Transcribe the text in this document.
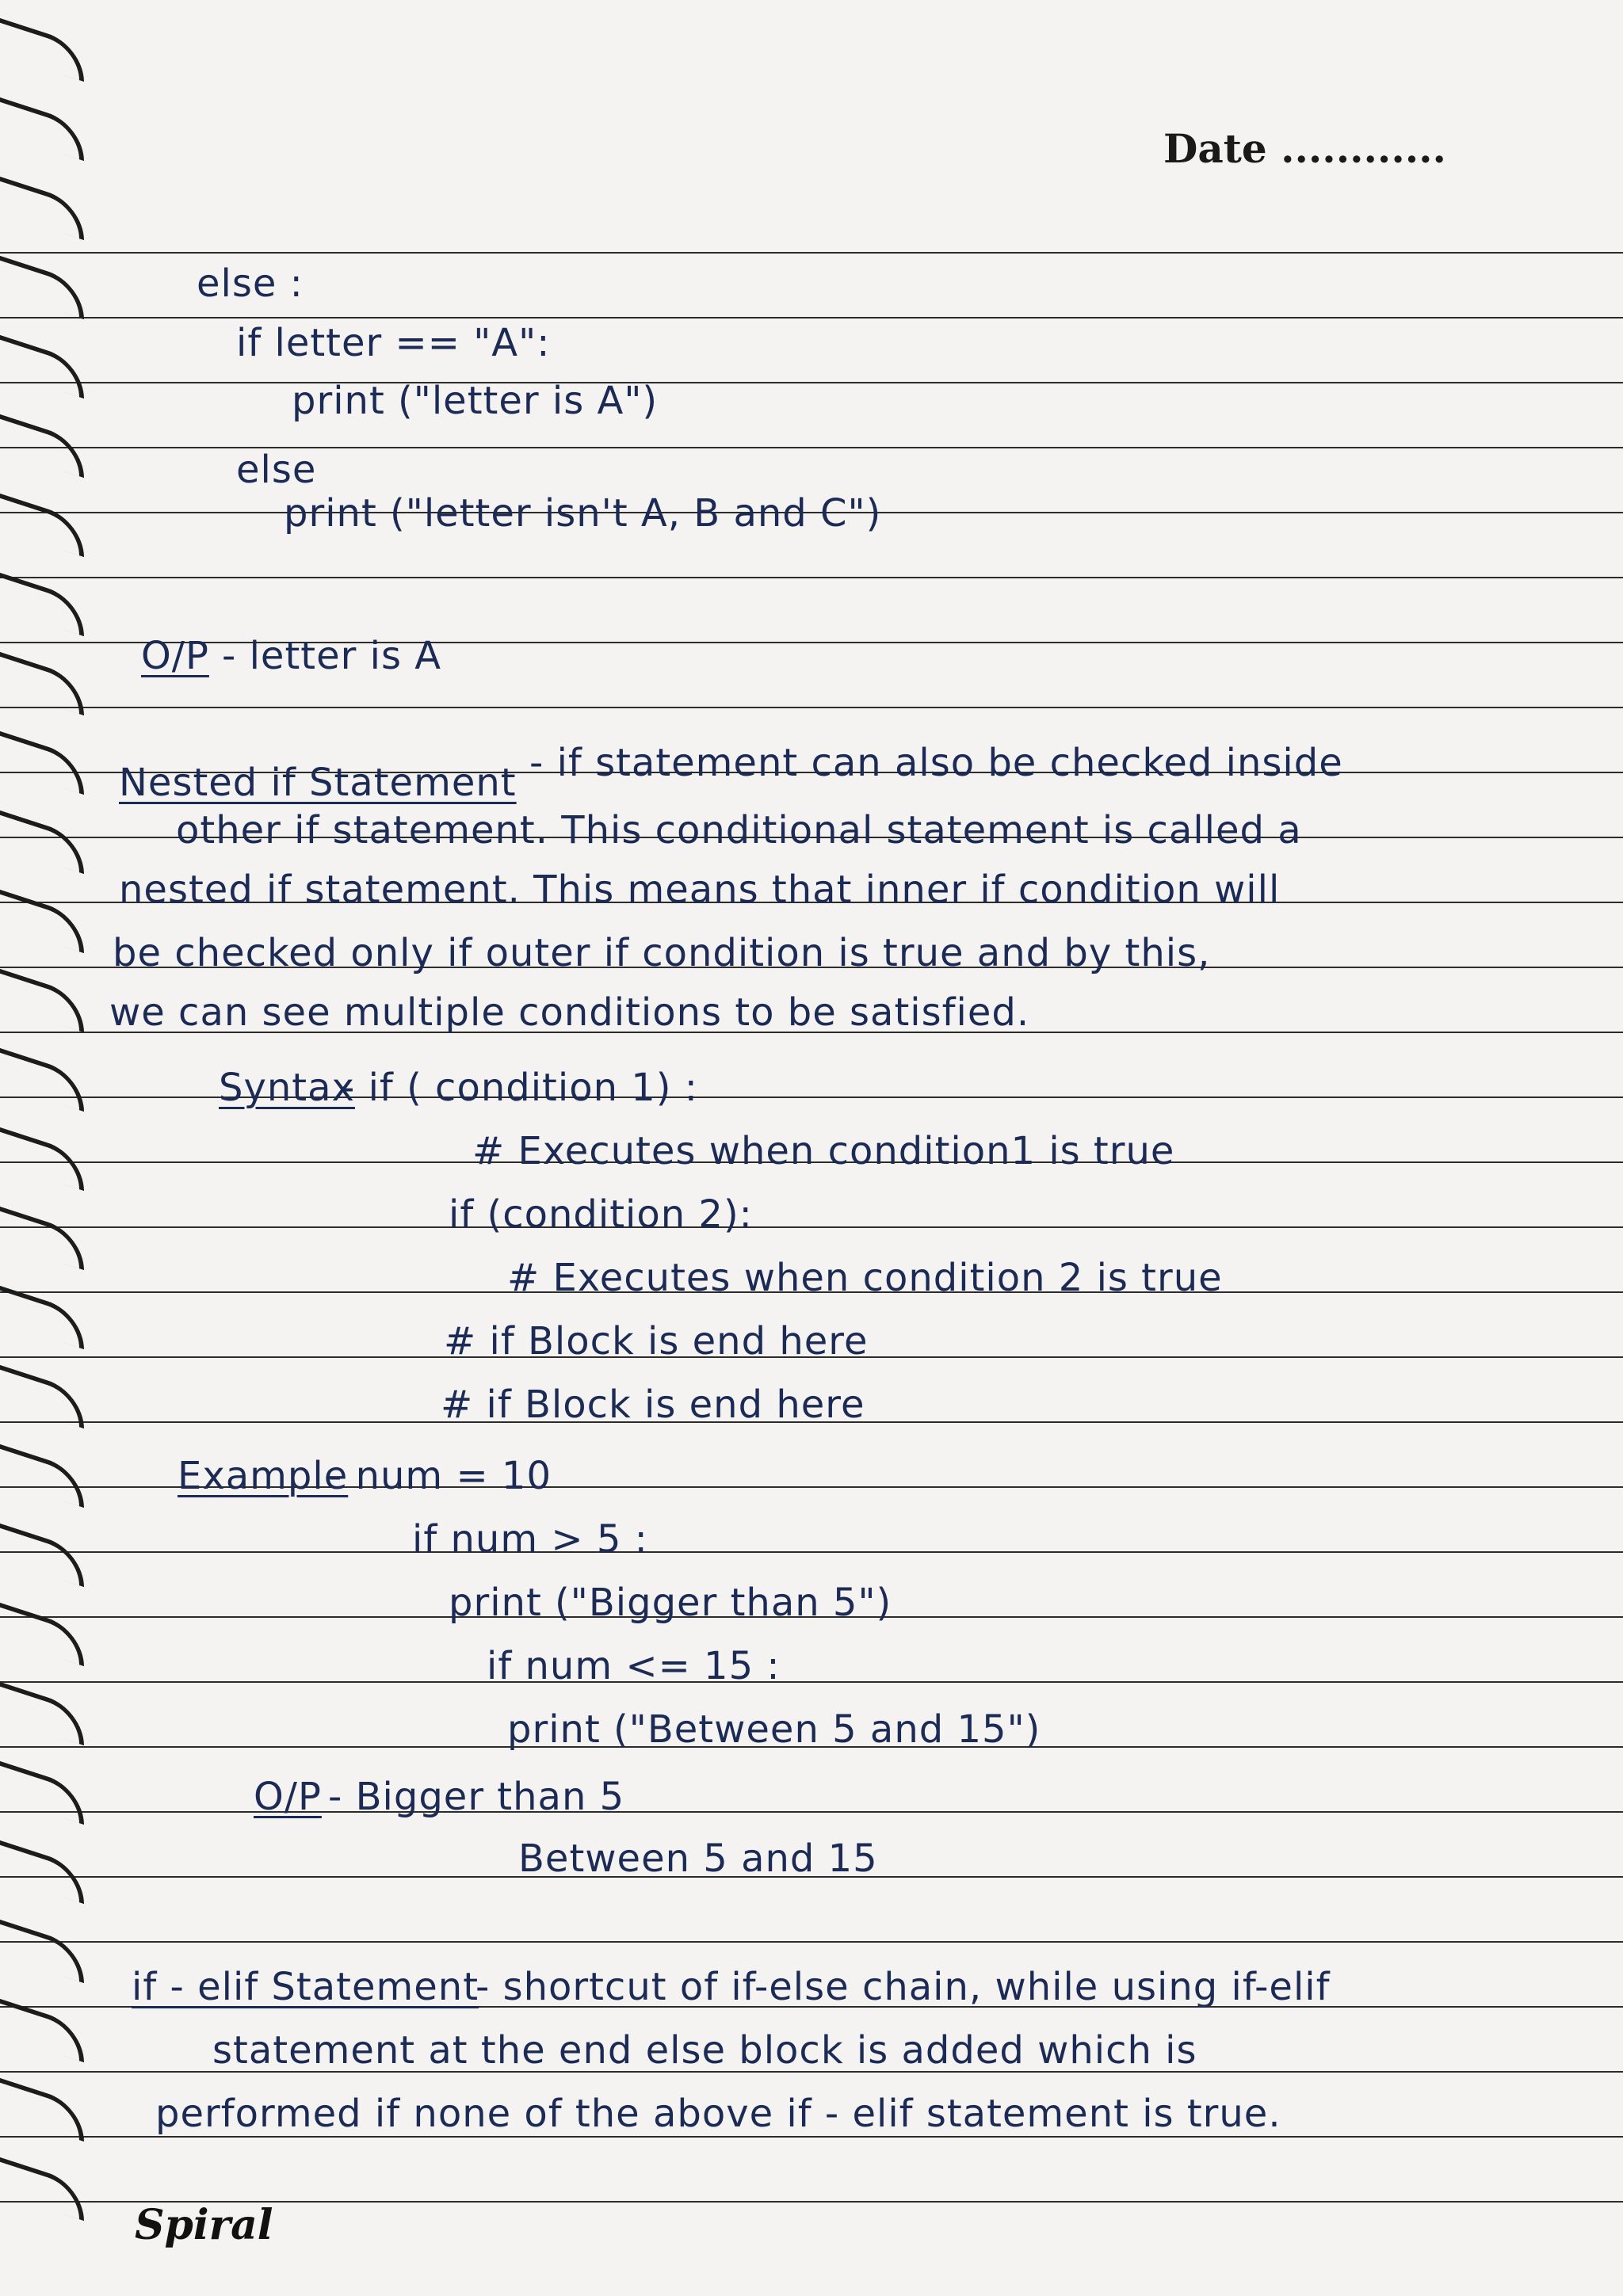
Date ............
else :
if letter == "A":
print ("letter is A")
else
print ("letter isn't A, B and C")
O/P - letter is A
Nested if Statement - if statement can also be checked inside
other if statement. This conditional statement is called a
nested if statement. This means that inner if condition will
be checked only if outer if condition is true and by this,
we can see multiple conditions to be satisfied.
Syntax
- if ( condition 1) :
# Executes when condition1 is true
if (condition 2):
# Executes when condition 2 is true
# if Block is end here
# if Block is end here
Example
- num = 10
if num > 5 :
print ("Bigger than 5")
if num <= 15 :
print ("Between 5 and 15")
O/P - Bigger than 5
Between 5 and 15
if - elif Statement
- shortcut of if-else chain, while using if-elif
statement at the end else block is added which is
performed if none of the above if - elif statement is true.
Spiral
